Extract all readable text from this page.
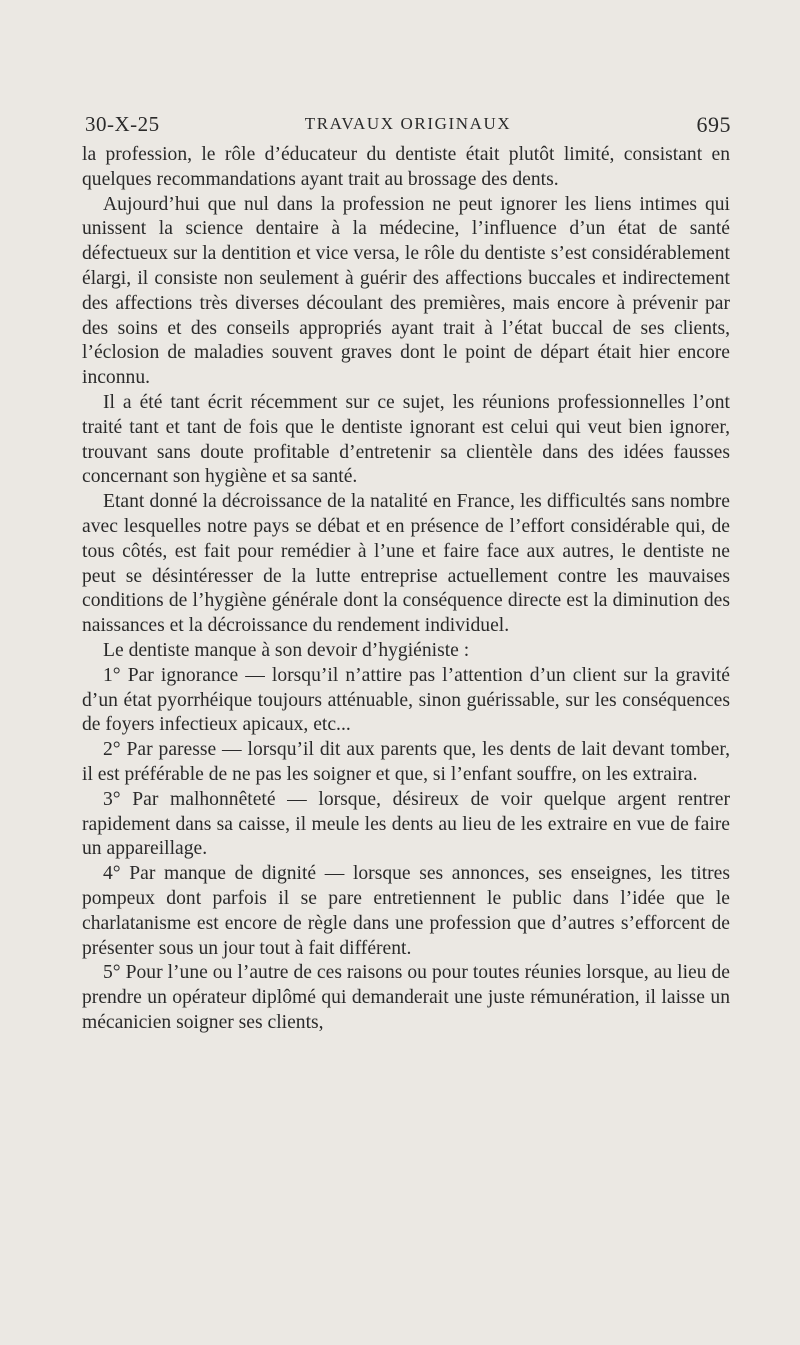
30-X-25	TRAVAUX ORIGINAUX	695

la profession, le rôle d’éducateur du dentiste était plutôt limité, consistant en quelques recommandations ayant trait au brossage des dents.

Aujourd’hui que nul dans la profession ne peut ignorer les liens intimes qui unissent la science dentaire à la médecine, l’influence d’un état de santé défectueux sur la dentition et vice versa, le rôle du dentiste s’est considérablement élargi, il consiste non seulement à guérir des affections buccales et indirectement des affections très diverses découlant des premières, mais encore à prévenir par des soins et des conseils appropriés ayant trait à l’état buccal de ses clients, l’éclosion de maladies souvent graves dont le point de départ était hier encore inconnu.

Il a été tant écrit récemment sur ce sujet, les réunions professionnelles l’ont traité tant et tant de fois que le dentiste ignorant est celui qui veut bien ignorer, trouvant sans doute profitable d’entretenir sa clientèle dans des idées fausses concernant son hygiène et sa santé.

Etant donné la décroissance de la natalité en France, les difficultés sans nombre avec lesquelles notre pays se débat et en présence de l’effort considérable qui, de tous côtés, est fait pour remédier à l’une et faire face aux autres, le dentiste ne peut se désintéresser de la lutte entreprise actuellement contre les mauvaises conditions de l’hygiène générale dont la conséquence directe est la diminution des naissances et la décroissance du rendement individuel.

Le dentiste manque à son devoir d’hygiéniste :

1° Par ignorance — lorsqu’il n’attire pas l’attention d’un client sur la gravité d’un état pyorrhéique toujours atténuable, sinon guérissable, sur les conséquences de foyers infectieux apicaux, etc...

2° Par paresse — lorsqu’il dit aux parents que, les dents de lait devant tomber, il est préférable de ne pas les soigner et que, si l’enfant souffre, on les extraira.

3° Par malhonnêteté — lorsque, désireux de voir quelque argent rentrer rapidement dans sa caisse, il meule les dents au lieu de les extraire en vue de faire un appareillage.

4° Par manque de dignité — lorsque ses annonces, ses enseignes, les titres pompeux dont parfois il se pare entretiennent le public dans l’idée que le charlatanisme est encore de règle dans une profession que d’autres s’efforcent de présenter sous un jour tout à fait différent.

5° Pour l’une ou l’autre de ces raisons ou pour toutes réunies lorsque, au lieu de prendre un opérateur diplômé qui demanderait une juste rémunération, il laisse un mécanicien soigner ses clients,
